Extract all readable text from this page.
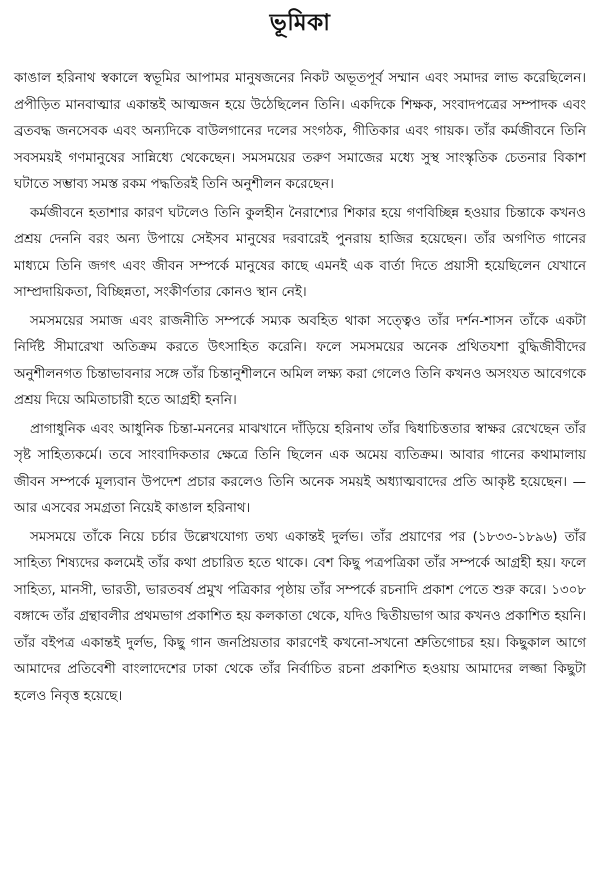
ভূমিকা

কাঙাল হরিনাথ স্বকালে স্বভূমির আপামর মানুষজনের নিকট অভূতপূর্ব সম্মান এবং সমাদর লাভ করেছিলেন। প্রপীড়িত মানবাত্মার একান্তই আত্মজন হয়ে উঠেছিলেন তিনি। একদিকে শিক্ষক, সংবাদপত্রের সম্পাদক এবং ব্রতবদ্ধ জনসেবক এবং অন্যদিকে বাউলগানের দলের সংগঠক, গীতিকার এবং গায়ক। তাঁর কর্মজীবনে তিনি সবসময়ই গণমানুষের সান্নিধ্যে থেকেছেন। সমসময়ের তরুণ সমাজের মধ্যে সুস্থ সাংস্কৃতিক চেতনার বিকাশ ঘটাতে সম্ভাব্য সমস্ত রকম পদ্ধতিরই তিনি অনুশীলন করেছেন।

কর্মজীবনে হতাশার কারণ ঘটলেও তিনি কুলহীন নৈরাশ্যের শিকার হয়ে গণবিচ্ছিন্ন হওয়ার চিন্তাকে কখনও প্রশ্রয় দেননি বরং অন্য উপায়ে সেইসব মানুষের দরবারেই পুনরায় হাজির হয়েছেন। তাঁর অগণিত গানের মাধ্যমে তিনি জগৎ এবং জীবন সম্পর্কে মানুষের কাছে এমনই এক বার্তা দিতে প্রয়াসী হয়েছিলেন যেখানে সাম্প্রদায়িকতা, বিচ্ছিন্নতা, সংকীর্ণতার কোনও স্থান নেই।

সমসময়ের সমাজ এবং রাজনীতি সম্পর্কে সম্যক অবহিত থাকা সত্ত্বেও তাঁর দর্শন-শাসন তাঁকে একটা নির্দিষ্ট সীমারেখা অতিক্রম করতে উৎসাহিত করেনি। ফলে সমসময়ের অনেক প্রথিতযশা বুদ্ধিজীবীদের অনুশীলনগত চিন্তাভাবনার সঙ্গে তাঁর চিন্তানুশীলনে অমিল লক্ষ্য করা গেলেও তিনি কখনও অসংযত আবেগকে প্রশ্রয় দিয়ে অমিতাচারী হতে আগ্রহী হননি।

প্রাগাধুনিক এবং আধুনিক চিন্তা-মননের মাঝখানে দাঁড়িয়ে হরিনাথ তাঁর দ্বিধাচিত্ততার স্বাক্ষর রেখেছেন তাঁর সৃষ্ট সাহিত্যকর্মে। তবে সাংবাদিকতার ক্ষেত্রে তিনি ছিলেন এক অমেয় ব্যতিক্রম। আবার গানের কথামালায় জীবন সম্পর্কে মূল্যবান উপদেশ প্রচার করলেও তিনি অনেক সময়ই অধ্যাত্মবাদের প্রতি আকৃষ্ট হয়েছেন। — আর এসবের সমগ্রতা নিয়েই কাঙাল হরিনাথ।

সমসময়ে তাঁকে নিয়ে চর্চার উল্লেখযোগ্য তথ্য একান্তই দুর্লভ। তাঁর প্রয়াণের পর (১৮৩৩-১৮৯৬) তাঁর সাহিত্য শিষ্যদের কলমেই তাঁর কথা প্রচারিত হতে থাকে। বেশ কিছু পত্রপত্রিকা তাঁর সম্পর্কে আগ্রহী হয়। ফলে সাহিত্য, মানসী, ভারতী, ভারতবর্ষ প্রমুখ পত্রিকার পৃষ্ঠায় তাঁর সম্পর্কে রচনাদি প্রকাশ পেতে শুরু করে। ১৩০৮ বঙ্গাব্দে তাঁর গ্রন্থাবলীর প্রথমভাগ প্রকাশিত হয় কলকাতা থেকে, যদিও দ্বিতীয়ভাগ আর কখনও প্রকাশিত হয়নি। তাঁর বইপত্র একান্তই দুর্লভ, কিছু গান জনপ্রিয়তার কারণেই কখনো-সখনো শ্রুতিগোচর হয়। কিছুকাল আগে আমাদের প্রতিবেশী বাংলাদেশের ঢাকা থেকে তাঁর নির্বাচিত রচনা প্রকাশিত হওয়ায় আমাদের লজ্জা কিছুটা হলেও নিবৃত্ত হয়েছে।
